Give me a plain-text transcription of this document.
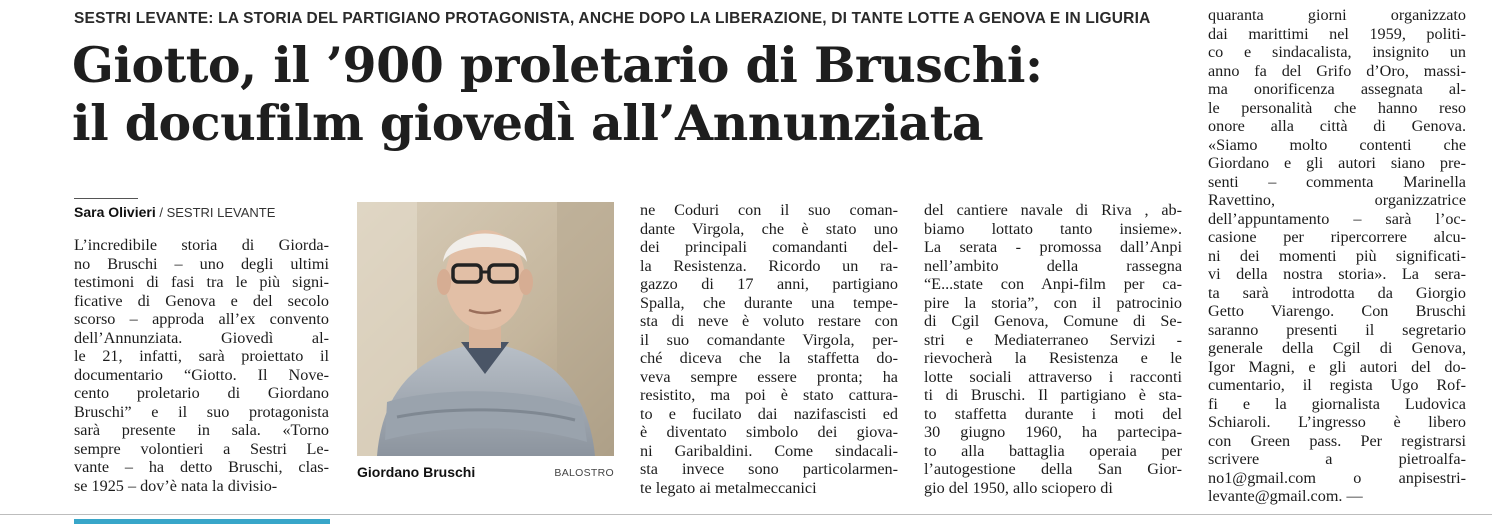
SESTRI LEVANTE: LA STORIA DEL PARTIGIANO PROTAGONISTA, ANCHE DOPO LA LIBERAZIONE, DI TANTE LOTTE A GENOVA E IN LIGURIA
Giotto, il ’900 proletario di Bruschi:
il docufilm giovedì all’Annunziata
Sara Olivieri / SESTRI LEVANTE
L’incredibile storia di Giorda-
no Bruschi – uno degli ultimi
testimoni di fasi tra le più signi-
ficative di Genova e del secolo
scorso – approda all’ex convento
dell’Annunziata. Giovedì al-
le 21, infatti, sarà proiettato il
documentario “Giotto. Il Nove-
cento proletario di Giordano
Bruschi” e il suo protagonista
sarà presente in sala. «Torno
sempre volontieri a Sestri Le-
vante – ha detto Bruschi, clas-
se 1925 – dov’è nata la divisio-
Giordano Bruschi	BALOSTRO
ne Coduri con il suo coman-
dante Virgola, che è stato uno
dei principali comandanti del-
la Resistenza. Ricordo un ra-
gazzo di 17 anni, partigiano
Spalla, che durante una tempe-
sta di neve è voluto restare con
il suo comandante Virgola, per-
ché diceva che la staffetta do-
veva sempre essere pronta; ha
resistito, ma poi è stato cattura-
to e fucilato dai nazifascisti ed
è diventato simbolo dei giova-
ni Garibaldini. Come sindacali-
sta invece sono particolarmen-
te legato ai metalmeccanici
del cantiere navale di Riva , ab-
biamo lottato tanto insieme».
La serata - promossa dall’Anpi
nell’ambito della rassegna
“E...state con Anpi-film per ca-
pire la storia”, con il patrocinio
di Cgil Genova, Comune di Se-
stri e Mediaterraneo Servizi -
rievocherà la Resistenza e le
lotte sociali attraverso i racconti
ti di Bruschi. Il partigiano è sta-
to staffetta durante i moti del
30 giugno 1960, ha partecipa-
to alla battaglia operaia per
l’autogestione della San Gior-
gio del 1950, allo sciopero di
quaranta giorni organizzato
dai marittimi nel 1959, politi-
co e sindacalista, insignito un
anno fa del Grifo d’Oro, massi-
ma onorificenza assegnata al-
le personalità che hanno reso
onore alla città di Genova.
«Siamo molto contenti che
Giordano e gli autori siano pre-
senti – commenta Marinella
Ravettino, organizzatrice
dell’appuntamento – sarà l’oc-
casione per ripercorrere alcu-
ni dei momenti più significati-
vi della nostra storia». La sera-
ta sarà introdotta da Giorgio
Getto Viarengo. Con Bruschi
saranno presenti il segretario
generale della Cgil di Genova,
Igor Magni, e gli autori del do-
cumentario, il regista Ugo Rof-
fi e la giornalista Ludovica
Schiaroli. L’ingresso è libero
con Green pass. Per registrarsi
scrivere a pietroalfa-
no1@gmail.com o anpisestri-
levante@gmail.com. —
